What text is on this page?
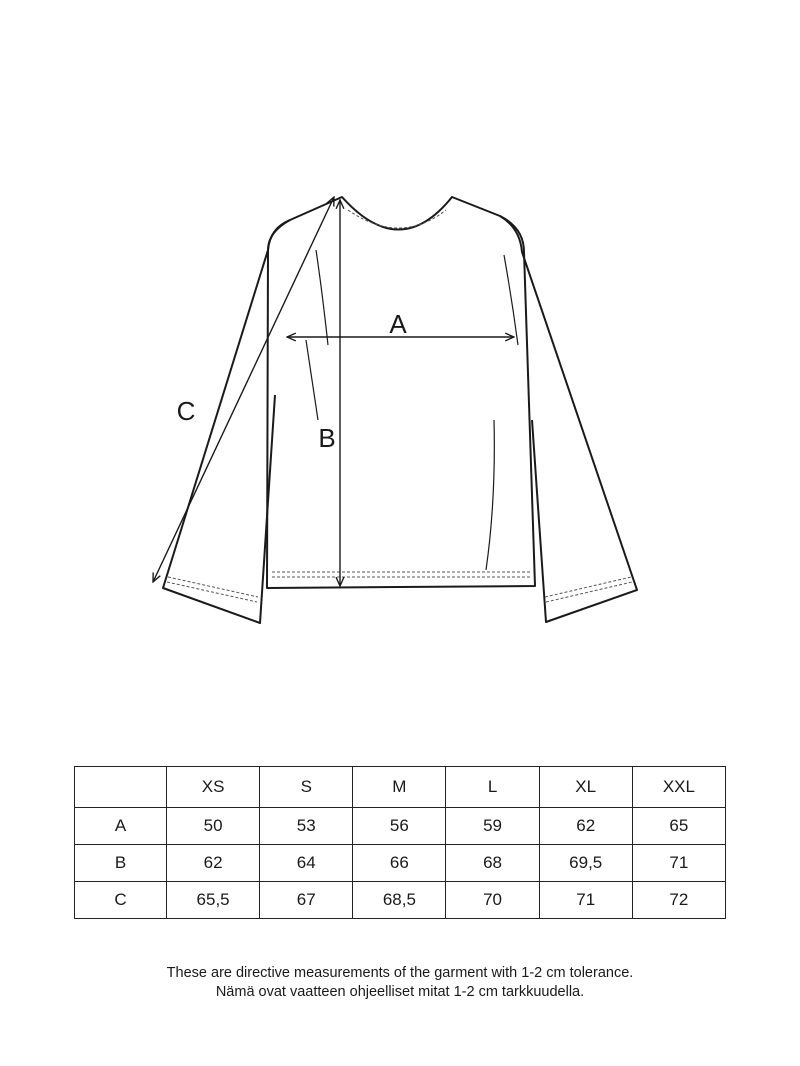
A
B
C
	XS	S	M	L	XL	XXL
A	50	53	56	59	62	65
B	62	64	66	68	69,5	71
C	65,5	67	68,5	70	71	72
These are directive measurements of the garment with 1-2 cm tolerance.
Nämä ovat vaatteen ohjeelliset mitat 1-2 cm tarkkuudella.
